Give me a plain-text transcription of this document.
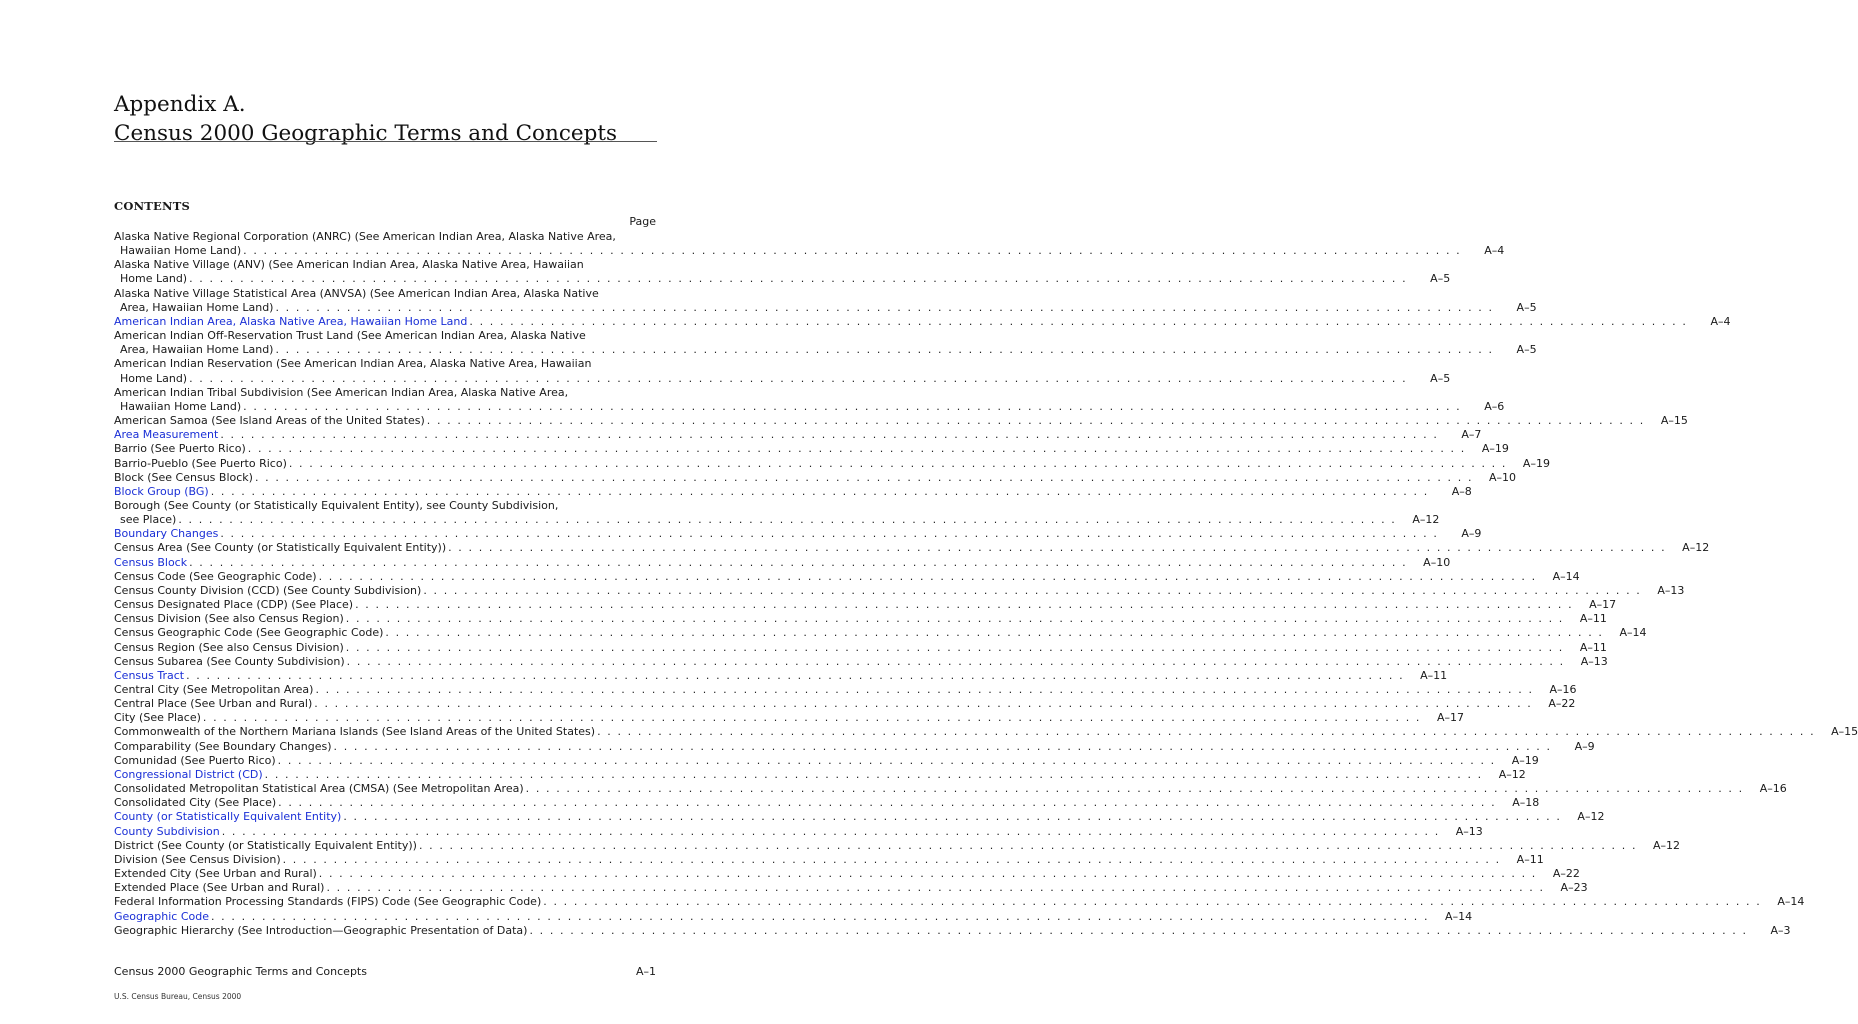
Appendix A.
Census 2000 Geographic Terms and Concepts
CONTENTS
Page
Alaska Native Regional Corporation (ANRC) (See American Indian Area, Alaska Native Area,
Hawaiian Home Land) . . . . . . . . . . . . . . . . . . . . . . . . . . . . . . . . . . . . . . . . . . . . . . . . . . . . . . . . . . . . . . . . . . . . . . . . . . . . . . . . . . . . . . . . . . . . . . . . . . . . . . . . . . . . . . . . . . . . . . . .	A–4
Alaska Native Village (ANV) (See American Indian Area, Alaska Native Area, Hawaiian
Home Land) . . . . . . . . . . . . . . . . . . . . . . . . . . . . . . . . . . . . . . . . . . . . . . . . . . . . . . . . . . . . . . . . . . . . . . . . . . . . . . . . . . . . . . . . . . . . . . . . . . . . . . . . . . . . . . . . . . . . . . . .	A–5
Alaska Native Village Statistical Area (ANVSA) (See American Indian Area, Alaska Native
Area, Hawaiian Home Land) . . . . . . . . . . . . . . . . . . . . . . . . . . . . . . . . . . . . . . . . . . . . . . . . . . . . . . . . . . . . . . . . . . . . . . . . . . . . . . . . . . . . . . . . . . . . . . . . . . . . . . . . . . . . . . . . . . . . . . . .	A–5
American Indian Area, Alaska Native Area, Hawaiian Home Land . . . . . . . . . . . . . . . . . . . . . . . . . . . . . . . . . . . . . . . . . . . . . . . . . . . . . . . . . . . . . . . . . . . . . . . . . . . . . . . . . . . . . . . . . . . . . . . . . . . . . . . . . . . . . . . . . . . . . . . .	A–4
American Indian Off-Reservation Trust Land (See American Indian Area, Alaska Native
Area, Hawaiian Home Land) . . . . . . . . . . . . . . . . . . . . . . . . . . . . . . . . . . . . . . . . . . . . . . . . . . . . . . . . . . . . . . . . . . . . . . . . . . . . . . . . . . . . . . . . . . . . . . . . . . . . . . . . . . . . . . . . . . . . . . . .	A–5
American Indian Reservation (See American Indian Area, Alaska Native Area, Hawaiian
Home Land) . . . . . . . . . . . . . . . . . . . . . . . . . . . . . . . . . . . . . . . . . . . . . . . . . . . . . . . . . . . . . . . . . . . . . . . . . . . . . . . . . . . . . . . . . . . . . . . . . . . . . . . . . . . . . . . . . . . . . . . .	A–5
American Indian Tribal Subdivision (See American Indian Area, Alaska Native Area,
Hawaiian Home Land) . . . . . . . . . . . . . . . . . . . . . . . . . . . . . . . . . . . . . . . . . . . . . . . . . . . . . . . . . . . . . . . . . . . . . . . . . . . . . . . . . . . . . . . . . . . . . . . . . . . . . . . . . . . . . . . . . . . . . . . .	A–6
American Samoa (See Island Areas of the United States) . . . . . . . . . . . . . . . . . . . . . . . . . . . . . . . . . . . . . . . . . . . . . . . . . . . . . . . . . . . . . . . . . . . . . . . . . . . . . . . . . . . . . . . . . . . . . . . . . . . . . . . . . . . . . . . . . . . . . . . .	A–15
Area Measurement . . . . . . . . . . . . . . . . . . . . . . . . . . . . . . . . . . . . . . . . . . . . . . . . . . . . . . . . . . . . . . . . . . . . . . . . . . . . . . . . . . . . . . . . . . . . . . . . . . . . . . . . . . . . . . . . . . . . . . . .	A–7
Barrio (See Puerto Rico) . . . . . . . . . . . . . . . . . . . . . . . . . . . . . . . . . . . . . . . . . . . . . . . . . . . . . . . . . . . . . . . . . . . . . . . . . . . . . . . . . . . . . . . . . . . . . . . . . . . . . . . . . . . . . . . . . . . . . . . .	A–19
Barrio-Pueblo (See Puerto Rico) . . . . . . . . . . . . . . . . . . . . . . . . . . . . . . . . . . . . . . . . . . . . . . . . . . . . . . . . . . . . . . . . . . . . . . . . . . . . . . . . . . . . . . . . . . . . . . . . . . . . . . . . . . . . . . . . . . . . . . . .	A–19
Block (See Census Block) . . . . . . . . . . . . . . . . . . . . . . . . . . . . . . . . . . . . . . . . . . . . . . . . . . . . . . . . . . . . . . . . . . . . . . . . . . . . . . . . . . . . . . . . . . . . . . . . . . . . . . . . . . . . . . . . . . . . . . . .	A–10
Block Group (BG) . . . . . . . . . . . . . . . . . . . . . . . . . . . . . . . . . . . . . . . . . . . . . . . . . . . . . . . . . . . . . . . . . . . . . . . . . . . . . . . . . . . . . . . . . . . . . . . . . . . . . . . . . . . . . . . . . . . . . . . .	A–8
Borough (See County (or Statistically Equivalent Entity), see County Subdivision,
see Place) . . . . . . . . . . . . . . . . . . . . . . . . . . . . . . . . . . . . . . . . . . . . . . . . . . . . . . . . . . . . . . . . . . . . . . . . . . . . . . . . . . . . . . . . . . . . . . . . . . . . . . . . . . . . . . . . . . . . . . . .	A–12
Boundary Changes . . . . . . . . . . . . . . . . . . . . . . . . . . . . . . . . . . . . . . . . . . . . . . . . . . . . . . . . . . . . . . . . . . . . . . . . . . . . . . . . . . . . . . . . . . . . . . . . . . . . . . . . . . . . . . . . . . . . . . . .	A–9
Census Area (See County (or Statistically Equivalent Entity)) . . . . . . . . . . . . . . . . . . . . . . . . . . . . . . . . . . . . . . . . . . . . . . . . . . . . . . . . . . . . . . . . . . . . . . . . . . . . . . . . . . . . . . . . . . . . . . . . . . . . . . . . . . . . . . . . . . . . . . . .	A–12
Census Block . . . . . . . . . . . . . . . . . . . . . . . . . . . . . . . . . . . . . . . . . . . . . . . . . . . . . . . . . . . . . . . . . . . . . . . . . . . . . . . . . . . . . . . . . . . . . . . . . . . . . . . . . . . . . . . . . . . . . . . .	A–10
Census Code (See Geographic Code) . . . . . . . . . . . . . . . . . . . . . . . . . . . . . . . . . . . . . . . . . . . . . . . . . . . . . . . . . . . . . . . . . . . . . . . . . . . . . . . . . . . . . . . . . . . . . . . . . . . . . . . . . . . . . . . . . . . . . . . .	A–14
Census County Division (CCD) (See County Subdivision) . . . . . . . . . . . . . . . . . . . . . . . . . . . . . . . . . . . . . . . . . . . . . . . . . . . . . . . . . . . . . . . . . . . . . . . . . . . . . . . . . . . . . . . . . . . . . . . . . . . . . . . . . . . . . . . . . . . . . . . .	A–13
Census Designated Place (CDP) (See Place) . . . . . . . . . . . . . . . . . . . . . . . . . . . . . . . . . . . . . . . . . . . . . . . . . . . . . . . . . . . . . . . . . . . . . . . . . . . . . . . . . . . . . . . . . . . . . . . . . . . . . . . . . . . . . . . . . . . . . . . .	A–17
Census Division (See also Census Region) . . . . . . . . . . . . . . . . . . . . . . . . . . . . . . . . . . . . . . . . . . . . . . . . . . . . . . . . . . . . . . . . . . . . . . . . . . . . . . . . . . . . . . . . . . . . . . . . . . . . . . . . . . . . . . . . . . . . . . . .	A–11
Census Geographic Code (See Geographic Code) . . . . . . . . . . . . . . . . . . . . . . . . . . . . . . . . . . . . . . . . . . . . . . . . . . . . . . . . . . . . . . . . . . . . . . . . . . . . . . . . . . . . . . . . . . . . . . . . . . . . . . . . . . . . . . . . . . . . . . . .	A–14
Census Region (See also Census Division) . . . . . . . . . . . . . . . . . . . . . . . . . . . . . . . . . . . . . . . . . . . . . . . . . . . . . . . . . . . . . . . . . . . . . . . . . . . . . . . . . . . . . . . . . . . . . . . . . . . . . . . . . . . . . . . . . . . . . . . .	A–11
Census Subarea (See County Subdivision) . . . . . . . . . . . . . . . . . . . . . . . . . . . . . . . . . . . . . . . . . . . . . . . . . . . . . . . . . . . . . . . . . . . . . . . . . . . . . . . . . . . . . . . . . . . . . . . . . . . . . . . . . . . . . . . . . . . . . . . .	A–13
Census Tract . . . . . . . . . . . . . . . . . . . . . . . . . . . . . . . . . . . . . . . . . . . . . . . . . . . . . . . . . . . . . . . . . . . . . . . . . . . . . . . . . . . . . . . . . . . . . . . . . . . . . . . . . . . . . . . . . . . . . . . .	A–11
Central City (See Metropolitan Area) . . . . . . . . . . . . . . . . . . . . . . . . . . . . . . . . . . . . . . . . . . . . . . . . . . . . . . . . . . . . . . . . . . . . . . . . . . . . . . . . . . . . . . . . . . . . . . . . . . . . . . . . . . . . . . . . . . . . . . . .	A–16
Central Place (See Urban and Rural) . . . . . . . . . . . . . . . . . . . . . . . . . . . . . . . . . . . . . . . . . . . . . . . . . . . . . . . . . . . . . . . . . . . . . . . . . . . . . . . . . . . . . . . . . . . . . . . . . . . . . . . . . . . . . . . . . . . . . . . .	A–22
City (See Place) . . . . . . . . . . . . . . . . . . . . . . . . . . . . . . . . . . . . . . . . . . . . . . . . . . . . . . . . . . . . . . . . . . . . . . . . . . . . . . . . . . . . . . . . . . . . . . . . . . . . . . . . . . . . . . . . . . . . . . . .	A–17
Commonwealth of the Northern Mariana Islands (See Island Areas of the United States) . . . . . . . . . . . . . . . . . . . . . . . . . . . . . . . . . . . . . . . . . . . . . . . . . . . . . . . . . . . . . . . . . . . . . . . . . . . . . . . . . . . . . . . . . . . . . . . . . . . . . . . . . . . . . . . . . . . . . . . .	A–15
Comparability (See Boundary Changes) . . . . . . . . . . . . . . . . . . . . . . . . . . . . . . . . . . . . . . . . . . . . . . . . . . . . . . . . . . . . . . . . . . . . . . . . . . . . . . . . . . . . . . . . . . . . . . . . . . . . . . . . . . . . . . . . . . . . . . . .	A–9
Comunidad (See Puerto Rico) . . . . . . . . . . . . . . . . . . . . . . . . . . . . . . . . . . . . . . . . . . . . . . . . . . . . . . . . . . . . . . . . . . . . . . . . . . . . . . . . . . . . . . . . . . . . . . . . . . . . . . . . . . . . . . . . . . . . . . . .	A–19
Congressional District (CD) . . . . . . . . . . . . . . . . . . . . . . . . . . . . . . . . . . . . . . . . . . . . . . . . . . . . . . . . . . . . . . . . . . . . . . . . . . . . . . . . . . . . . . . . . . . . . . . . . . . . . . . . . . . . . . . . . . . . . . . .	A–12
Consolidated Metropolitan Statistical Area (CMSA) (See Metropolitan Area) . . . . . . . . . . . . . . . . . . . . . . . . . . . . . . . . . . . . . . . . . . . . . . . . . . . . . . . . . . . . . . . . . . . . . . . . . . . . . . . . . . . . . . . . . . . . . . . . . . . . . . . . . . . . . . . . . . . . . . . .	A–16
Consolidated City (See Place) . . . . . . . . . . . . . . . . . . . . . . . . . . . . . . . . . . . . . . . . . . . . . . . . . . . . . . . . . . . . . . . . . . . . . . . . . . . . . . . . . . . . . . . . . . . . . . . . . . . . . . . . . . . . . . . . . . . . . . . .	A–18
County (or Statistically Equivalent Entity) . . . . . . . . . . . . . . . . . . . . . . . . . . . . . . . . . . . . . . . . . . . . . . . . . . . . . . . . . . . . . . . . . . . . . . . . . . . . . . . . . . . . . . . . . . . . . . . . . . . . . . . . . . . . . . . . . . . . . . . .	A–12
County Subdivision . . . . . . . . . . . . . . . . . . . . . . . . . . . . . . . . . . . . . . . . . . . . . . . . . . . . . . . . . . . . . . . . . . . . . . . . . . . . . . . . . . . . . . . . . . . . . . . . . . . . . . . . . . . . . . . . . . . . . . . .	A–13
District (See County (or Statistically Equivalent Entity)) . . . . . . . . . . . . . . . . . . . . . . . . . . . . . . . . . . . . . . . . . . . . . . . . . . . . . . . . . . . . . . . . . . . . . . . . . . . . . . . . . . . . . . . . . . . . . . . . . . . . . . . . . . . . . . . . . . . . . . . .	A–12
Division (See Census Division) . . . . . . . . . . . . . . . . . . . . . . . . . . . . . . . . . . . . . . . . . . . . . . . . . . . . . . . . . . . . . . . . . . . . . . . . . . . . . . . . . . . . . . . . . . . . . . . . . . . . . . . . . . . . . . . . . . . . . . . .	A–11
Extended City (See Urban and Rural) . . . . . . . . . . . . . . . . . . . . . . . . . . . . . . . . . . . . . . . . . . . . . . . . . . . . . . . . . . . . . . . . . . . . . . . . . . . . . . . . . . . . . . . . . . . . . . . . . . . . . . . . . . . . . . . . . . . . . . . .	A–22
Extended Place (See Urban and Rural) . . . . . . . . . . . . . . . . . . . . . . . . . . . . . . . . . . . . . . . . . . . . . . . . . . . . . . . . . . . . . . . . . . . . . . . . . . . . . . . . . . . . . . . . . . . . . . . . . . . . . . . . . . . . . . . . . . . . . . . .	A–23
Federal Information Processing Standards (FIPS) Code (See Geographic Code) . . . . . . . . . . . . . . . . . . . . . . . . . . . . . . . . . . . . . . . . . . . . . . . . . . . . . . . . . . . . . . . . . . . . . . . . . . . . . . . . . . . . . . . . . . . . . . . . . . . . . . . . . . . . . . . . . . . . . . . .	A–14
Geographic Code . . . . . . . . . . . . . . . . . . . . . . . . . . . . . . . . . . . . . . . . . . . . . . . . . . . . . . . . . . . . . . . . . . . . . . . . . . . . . . . . . . . . . . . . . . . . . . . . . . . . . . . . . . . . . . . . . . . . . . . .	A–14
Geographic Hierarchy (See Introduction—Geographic Presentation of Data) . . . . . . . . . . . . . . . . . . . . . . . . . . . . . . . . . . . . . . . . . . . . . . . . . . . . . . . . . . . . . . . . . . . . . . . . . . . . . . . . . . . . . . . . . . . . . . . . . . . . . . . . . . . . . . . . . . . . . . . .	A–3
Census 2000 Geographic Terms and Concepts	A–1
U.S. Census Bureau, Census 2000
